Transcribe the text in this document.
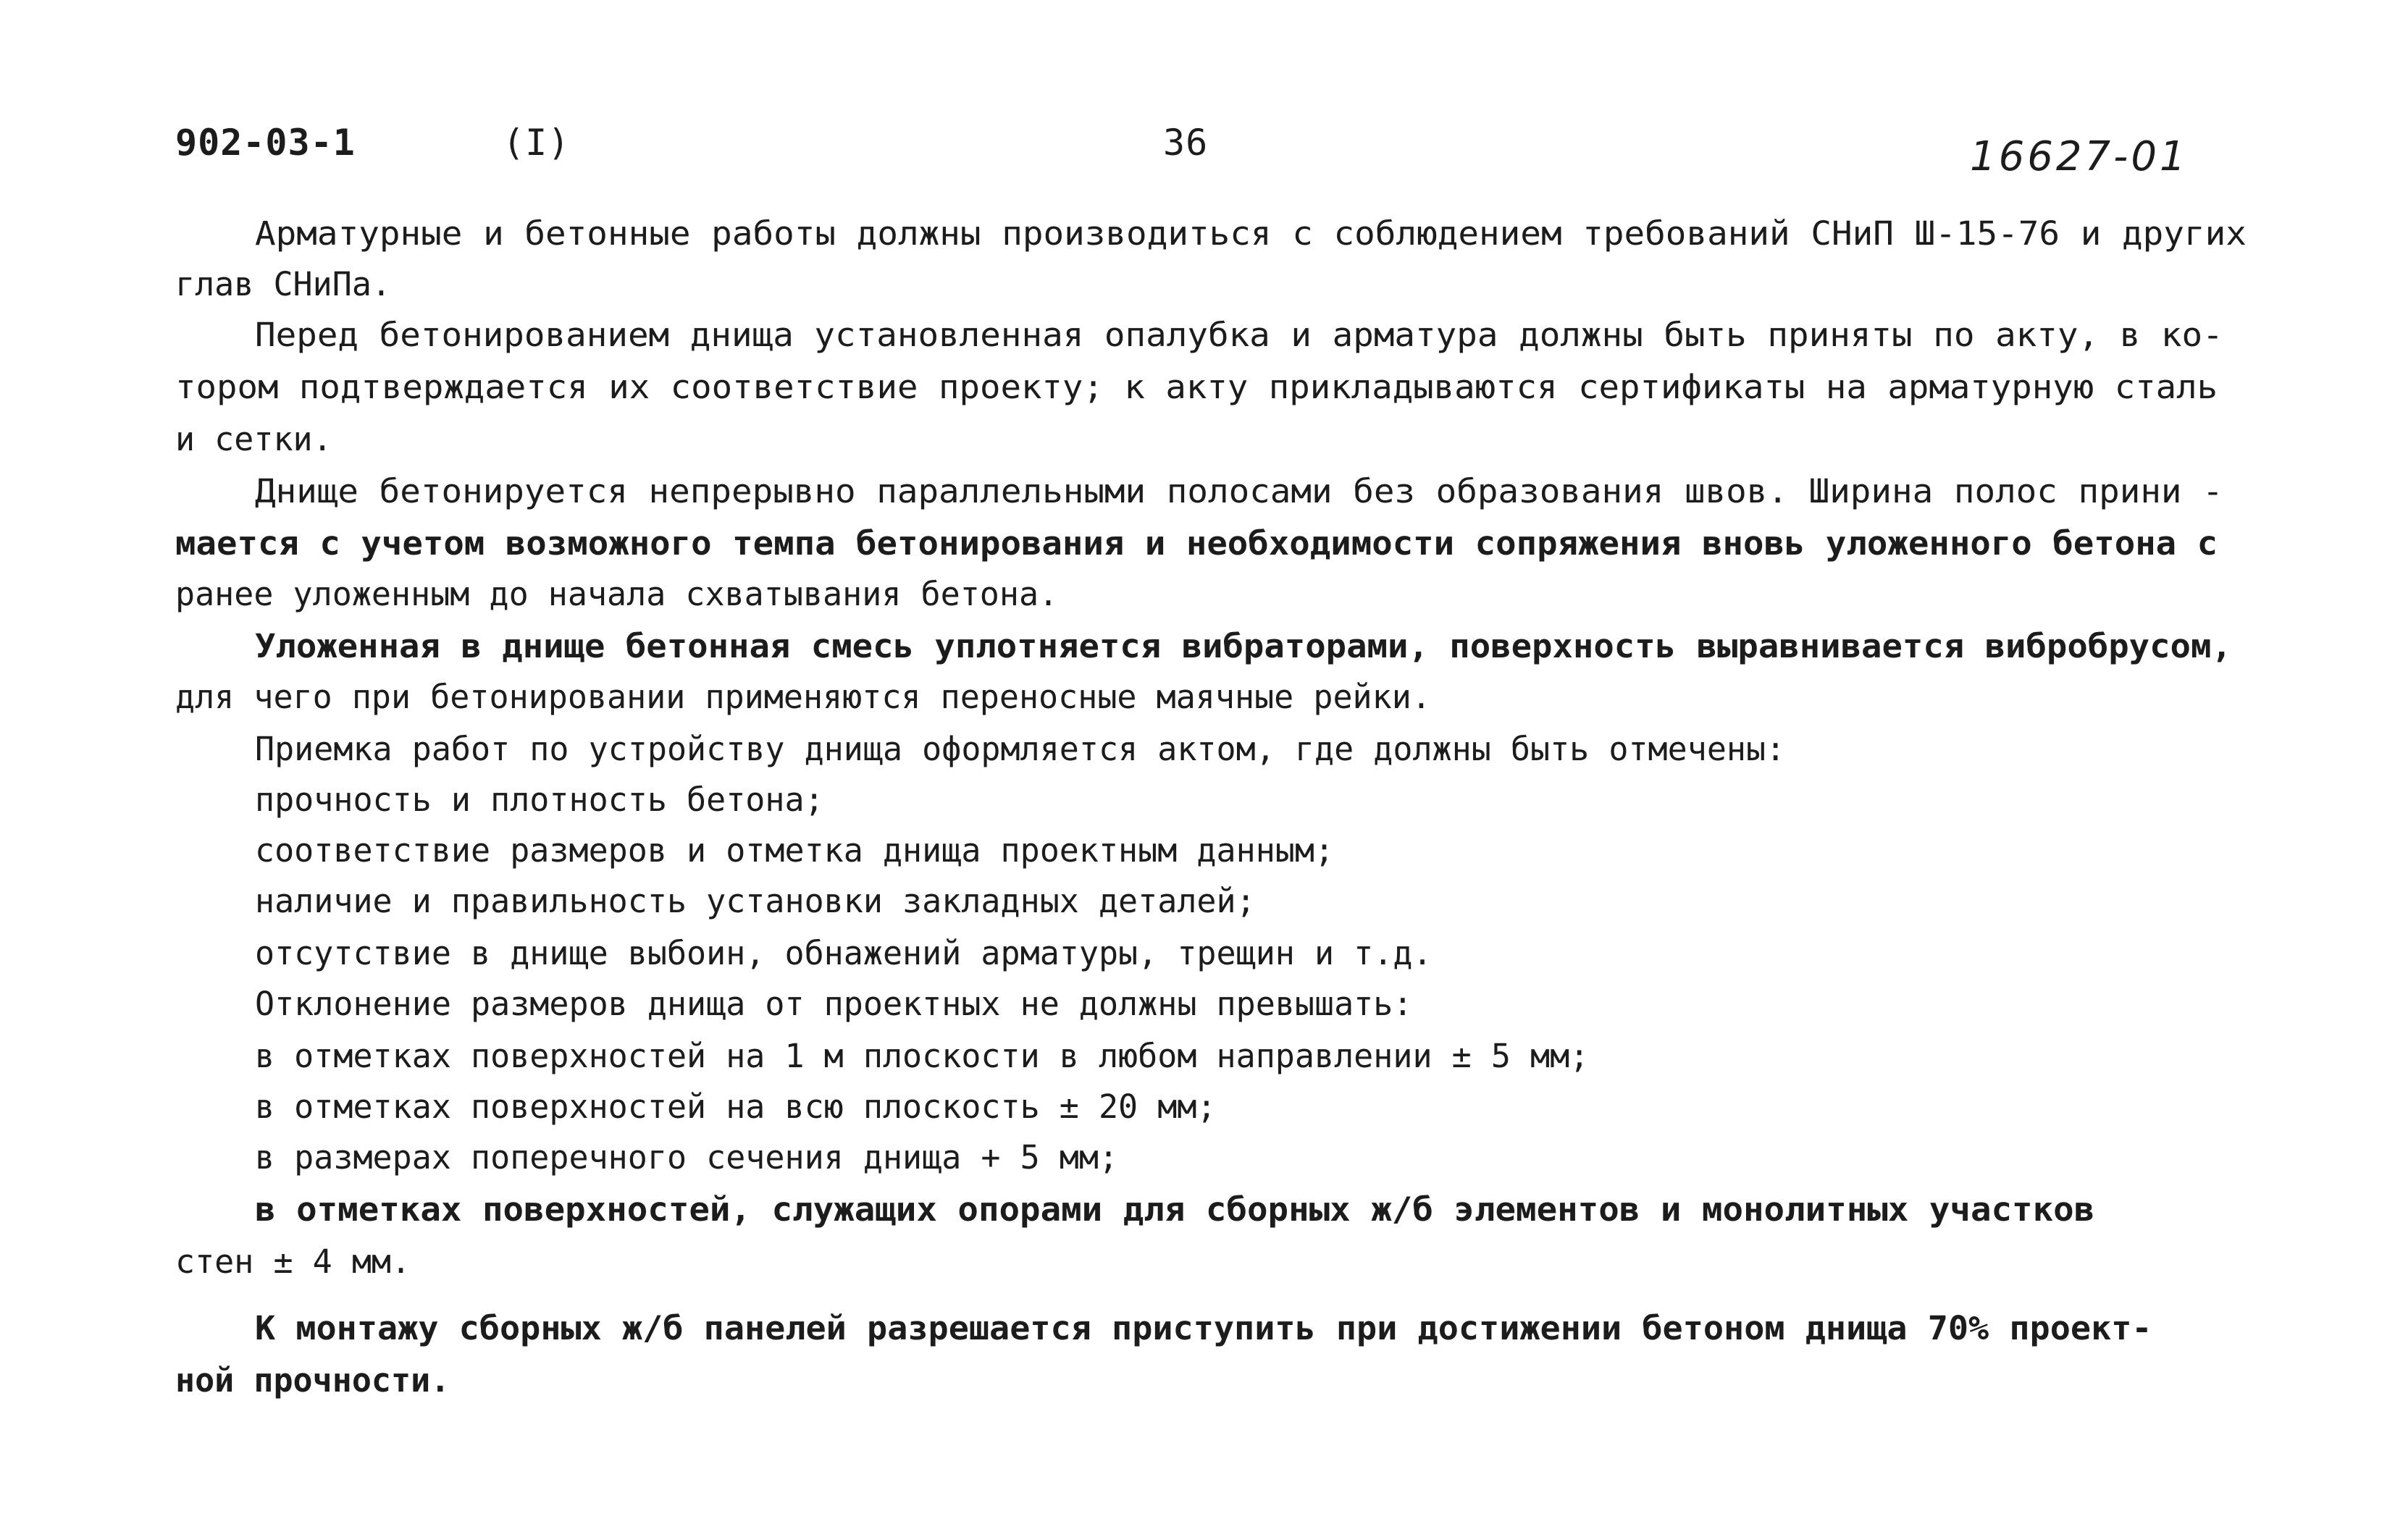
902-03-1	(I)	36	16627-01
Арматурные и бетонные работы должны производиться с соблюдением требований СНиП Ш-15-76 и других
глав СНиПа.
Перед бетонированием днища установленная опалубка и арматура должны быть приняты по акту, в ко-
тором подтверждается их соответствие проекту; к акту прикладываются сертификаты на арматурную сталь
и сетки.
Днище бетонируется непрерывно параллельными полосами без образования швов. Ширина полос прини -
мается с учетом возможного темпа бетонирования и необходимости сопряжения вновь уложенного бетона с
ранее уложенным до начала схватывания бетона.
Уложенная в днище бетонная смесь уплотняется вибраторами, поверхность выравнивается вибробрусом,
для чего при бетонировании применяются переносные маячные рейки.
Приемка работ по устройству днища оформляется актом, где должны быть отмечены:
прочность и плотность бетона;
соответствие размеров и отметка днища проектным данным;
наличие и правильность установки закладных деталей;
отсутствие в днище выбоин, обнажений арматуры, трещин и т.д.
Отклонение размеров днища от проектных не должны превышать:
в отметках поверхностей на 1 м плоскости в любом направлении ± 5 мм;
в отметках поверхностей на всю плоскость ± 20 мм;
в размерах поперечного сечения днища + 5 мм;
в отметках поверхностей, служащих опорами для сборных ж/б элементов и монолитных участков
стен ± 4 мм.
К монтажу сборных ж/б панелей разрешается приступить при достижении бетоном днища 70% проект-
ной прочности.
